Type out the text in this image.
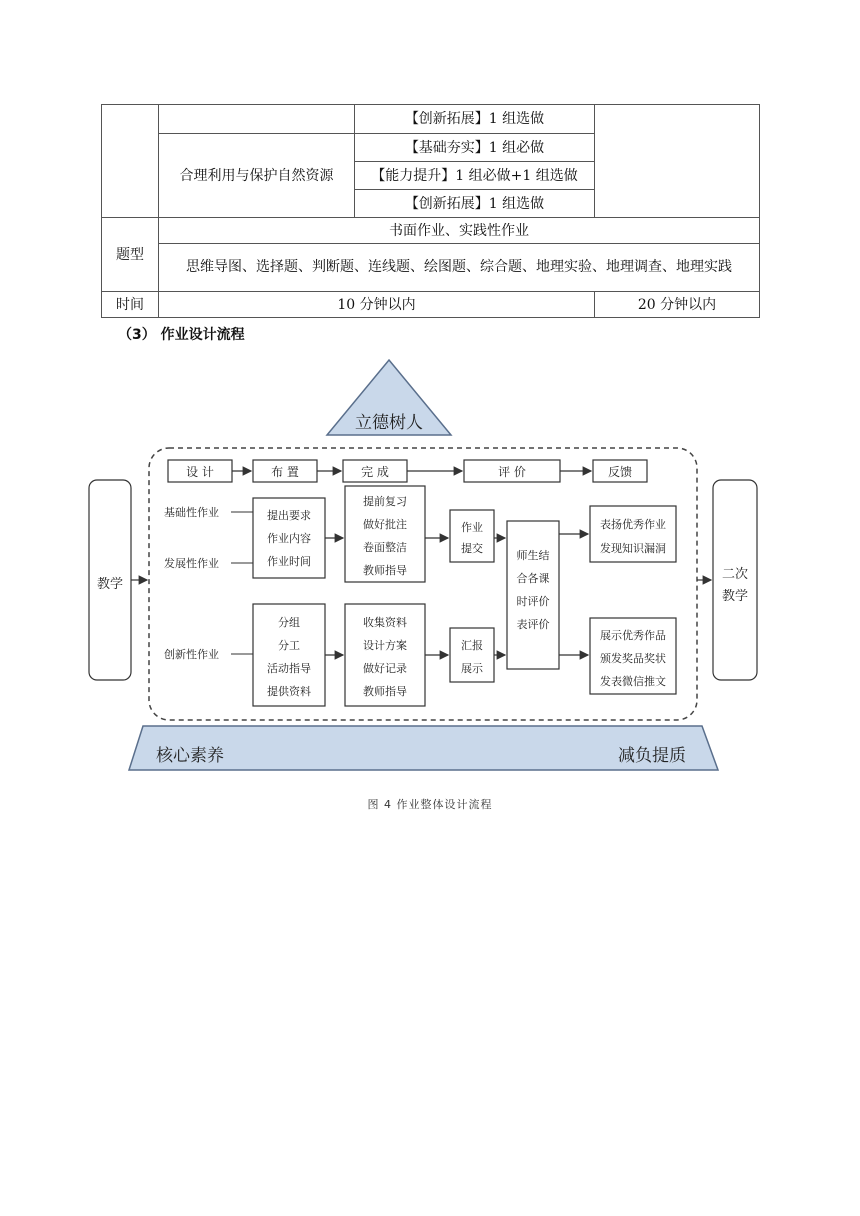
		【创新拓展】1 组选做	
	合理利用与保护自然资源	【基础夯实】1 组必做	
		【能力提升】1 组必做+1 组选做	
		【创新拓展】1 组选做	

题型	书面作业、实践性作业		
	思维导图、选择题、判断题、连线题、绘图题、综合题、地理实验、地理调查、地理实践		
时间	10 分钟以内		20 分钟以内
（3） 作业设计流程
立德树人
教学
二次
教学
设 计	布 置	完 成	评 价	反馈
基础性作业
发展性作业
创新性作业
提出要求
作业内容
作业时间
分组
分工
活动指导
提供资料
提前复习
做好批注
卷面整洁
教师指导
收集资料
设计方案
做好记录
教师指导
作业
提交
汇报
展示
师生结
合各课
时评价
表评价
表扬优秀作业
发现知识漏洞
展示优秀作品
颁发奖品奖状
发表微信推文
核心素养	减负提质
图 4 作业整体设计流程
